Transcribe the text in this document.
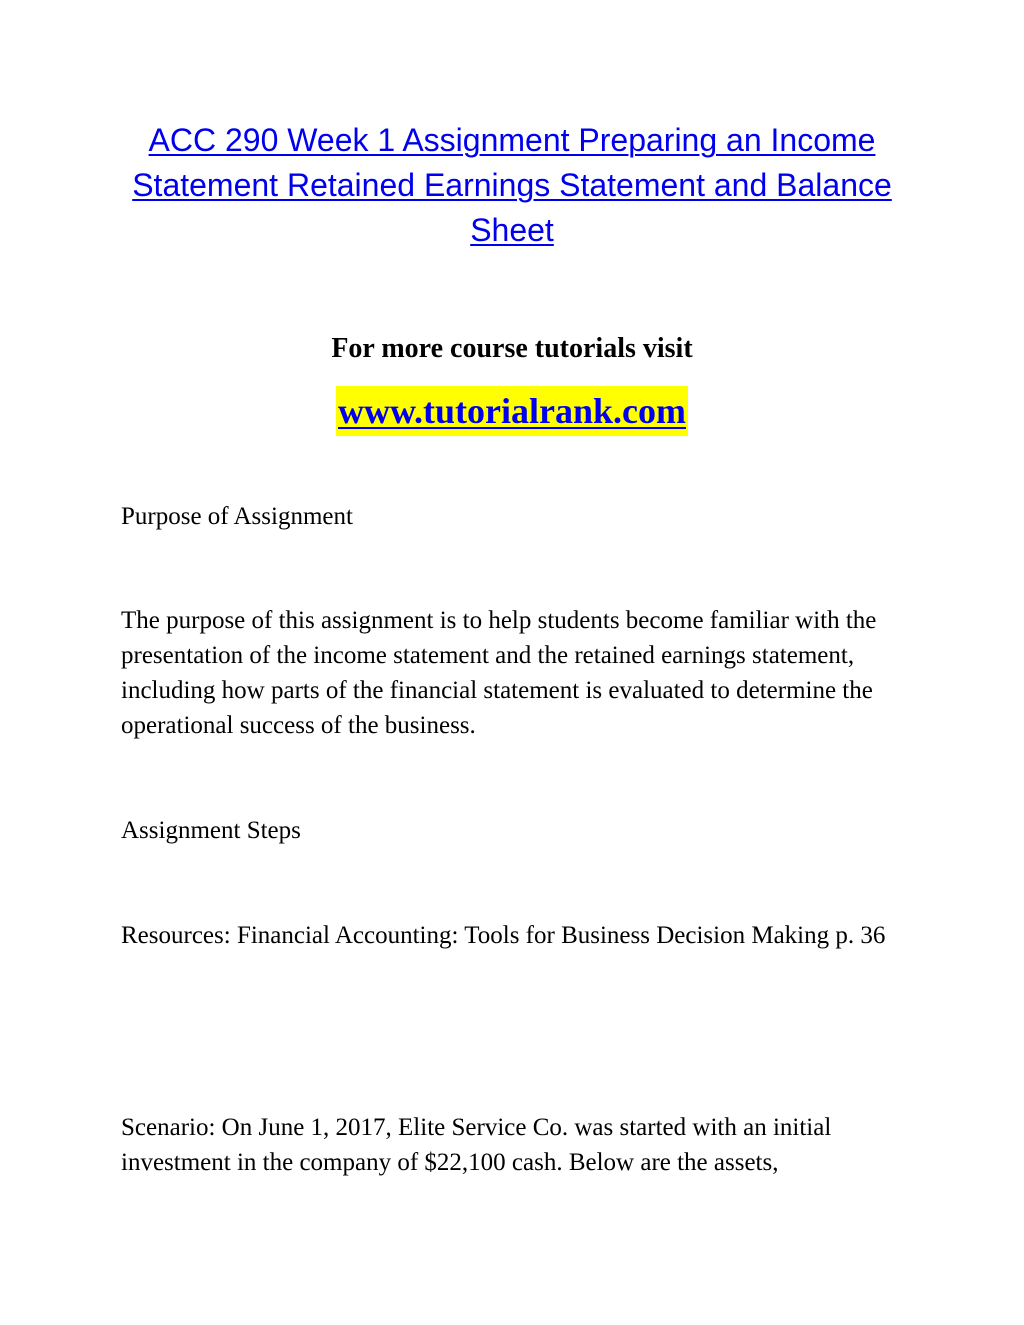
ACC 290 Week 1 Assignment Preparing an Income Statement Retained Earnings Statement and Balance Sheet

For more course tutorials visit

www.tutorialrank.com

Purpose of Assignment

The purpose of this assignment is to help students become familiar with the presentation of the income statement and the retained earnings statement, including how parts of the financial statement is evaluated to determine the operational success of the business.

Assignment Steps

Resources: Financial Accounting: Tools for Business Decision Making p. 36

Scenario: On June 1, 2017, Elite Service Co. was started with an initial investment in the company of $22,100 cash. Below are the assets,
